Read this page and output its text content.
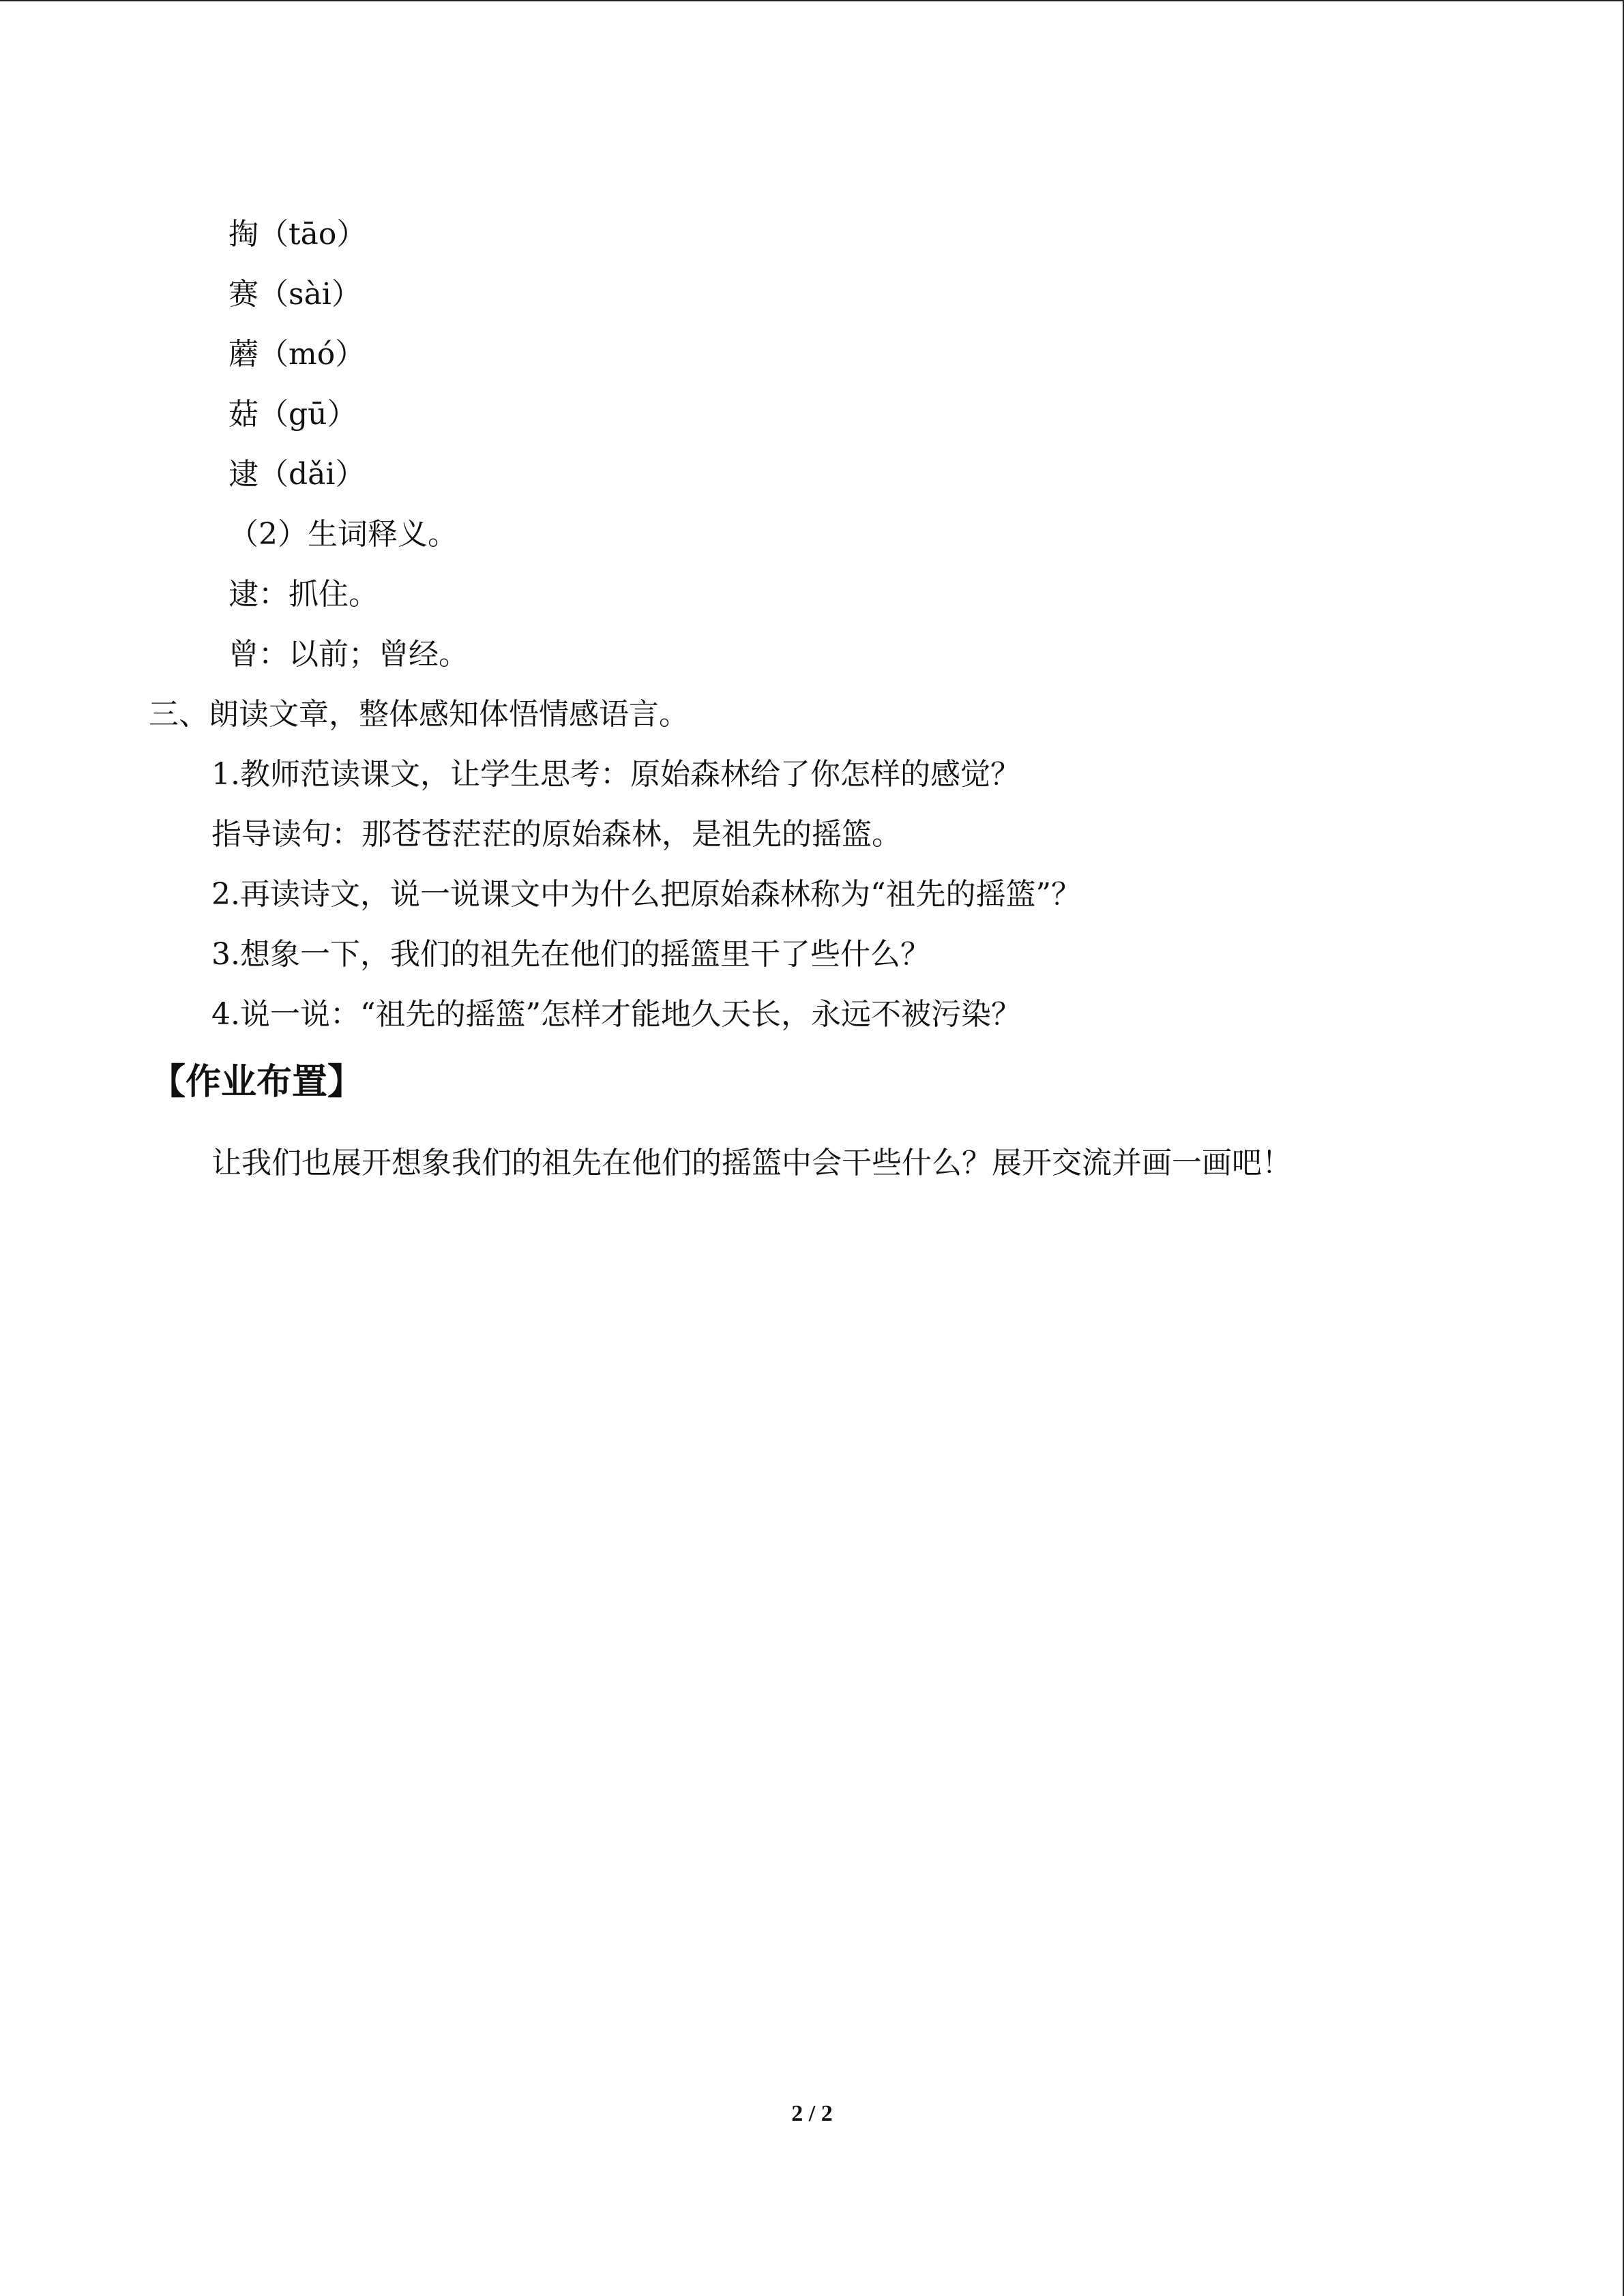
掏（tāo）
赛（sài）
蘑（mó）
菇（gū）
逮（dǎi）
（2）生词释义。
逮：抓住。
曾：以前；曾经。
三、朗读文章，整体感知体悟情感语言。
1.教师范读课文，让学生思考：原始森林给了你怎样的感觉？
指导读句：那苍苍茫茫的原始森林，是祖先的摇篮。
2.再读诗文，说一说课文中为什么把原始森林称为“祖先的摇篮”？
3.想象一下，我们的祖先在他们的摇篮里干了些什么？
4.说一说：“祖先的摇篮”怎样才能地久天长，永远不被污染？
【作业布置】
让我们也展开想象我们的祖先在他们的摇篮中会干些什么？展开交流并画一画吧！
2 / 2
